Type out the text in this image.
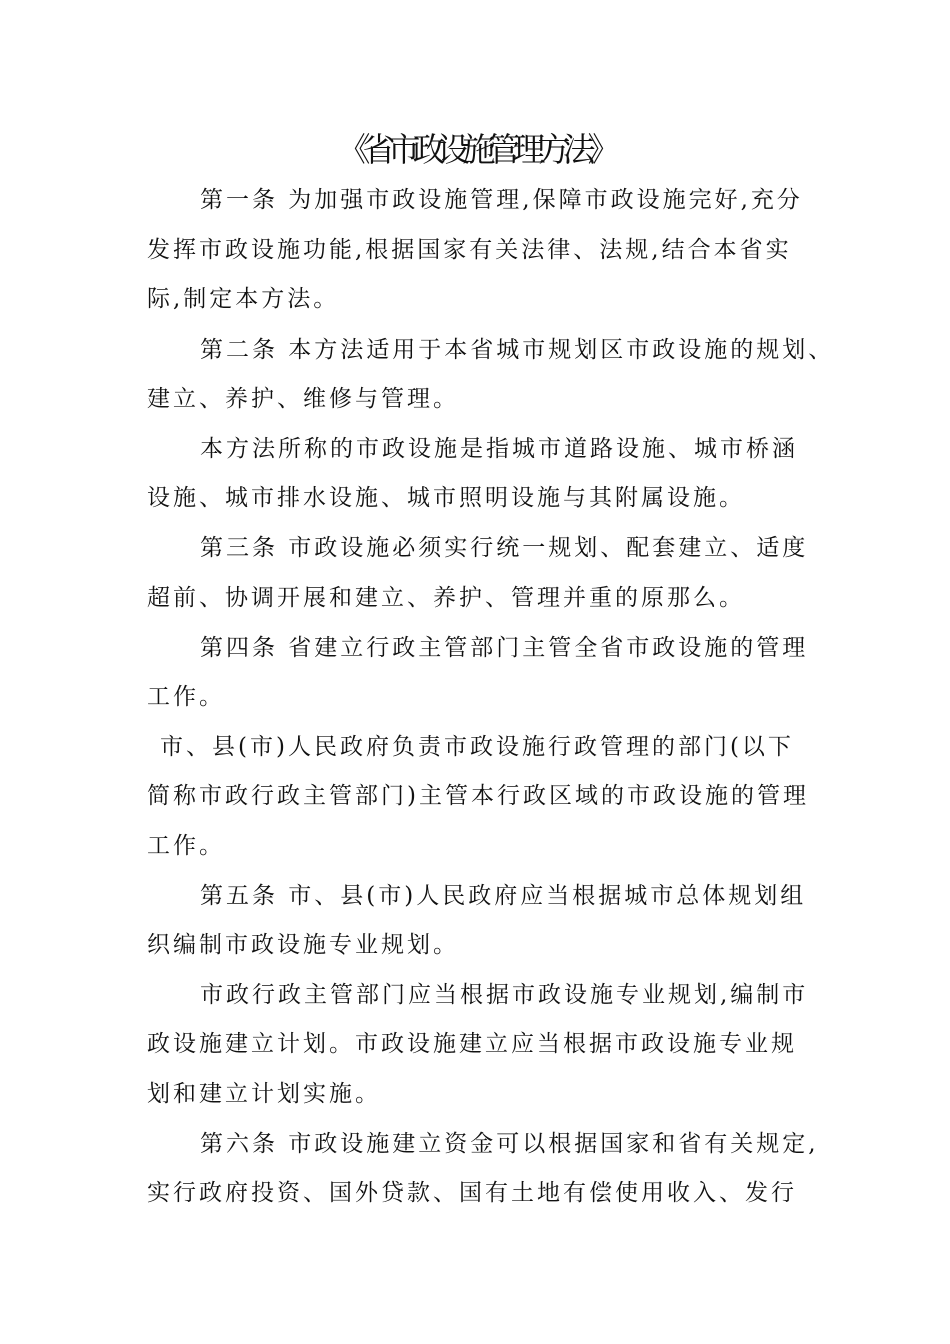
《省市政设施管理方法》

第一条 为加强市政设施管理,保障市政设施完好,充分

发挥市政设施功能,根据国家有关法律、法规,结合本省实

际,制定本方法。

第二条 本方法适用于本省城市规划区市政设施的规划、

建立、养护、维修与管理。

本方法所称的市政设施是指城市道路设施、城市桥涵

设施、城市排水设施、城市照明设施与其附属设施。

第三条 市政设施必须实行统一规划、配套建立、适度

超前、协调开展和建立、养护、管理并重的原那么。

第四条 省建立行政主管部门主管全省市政设施的管理

工作。

市、县(市)人民政府负责市政设施行政管理的部门(以下

简称市政行政主管部门)主管本行政区域的市政设施的管理

工作。

第五条 市、县(市)人民政府应当根据城市总体规划组

织编制市政设施专业规划。

市政行政主管部门应当根据市政设施专业规划,编制市

政设施建立计划。市政设施建立应当根据市政设施专业规

划和建立计划实施。

第六条 市政设施建立资金可以根据国家和省有关规定,

实行政府投资、国外贷款、国有土地有偿使用收入、发行
